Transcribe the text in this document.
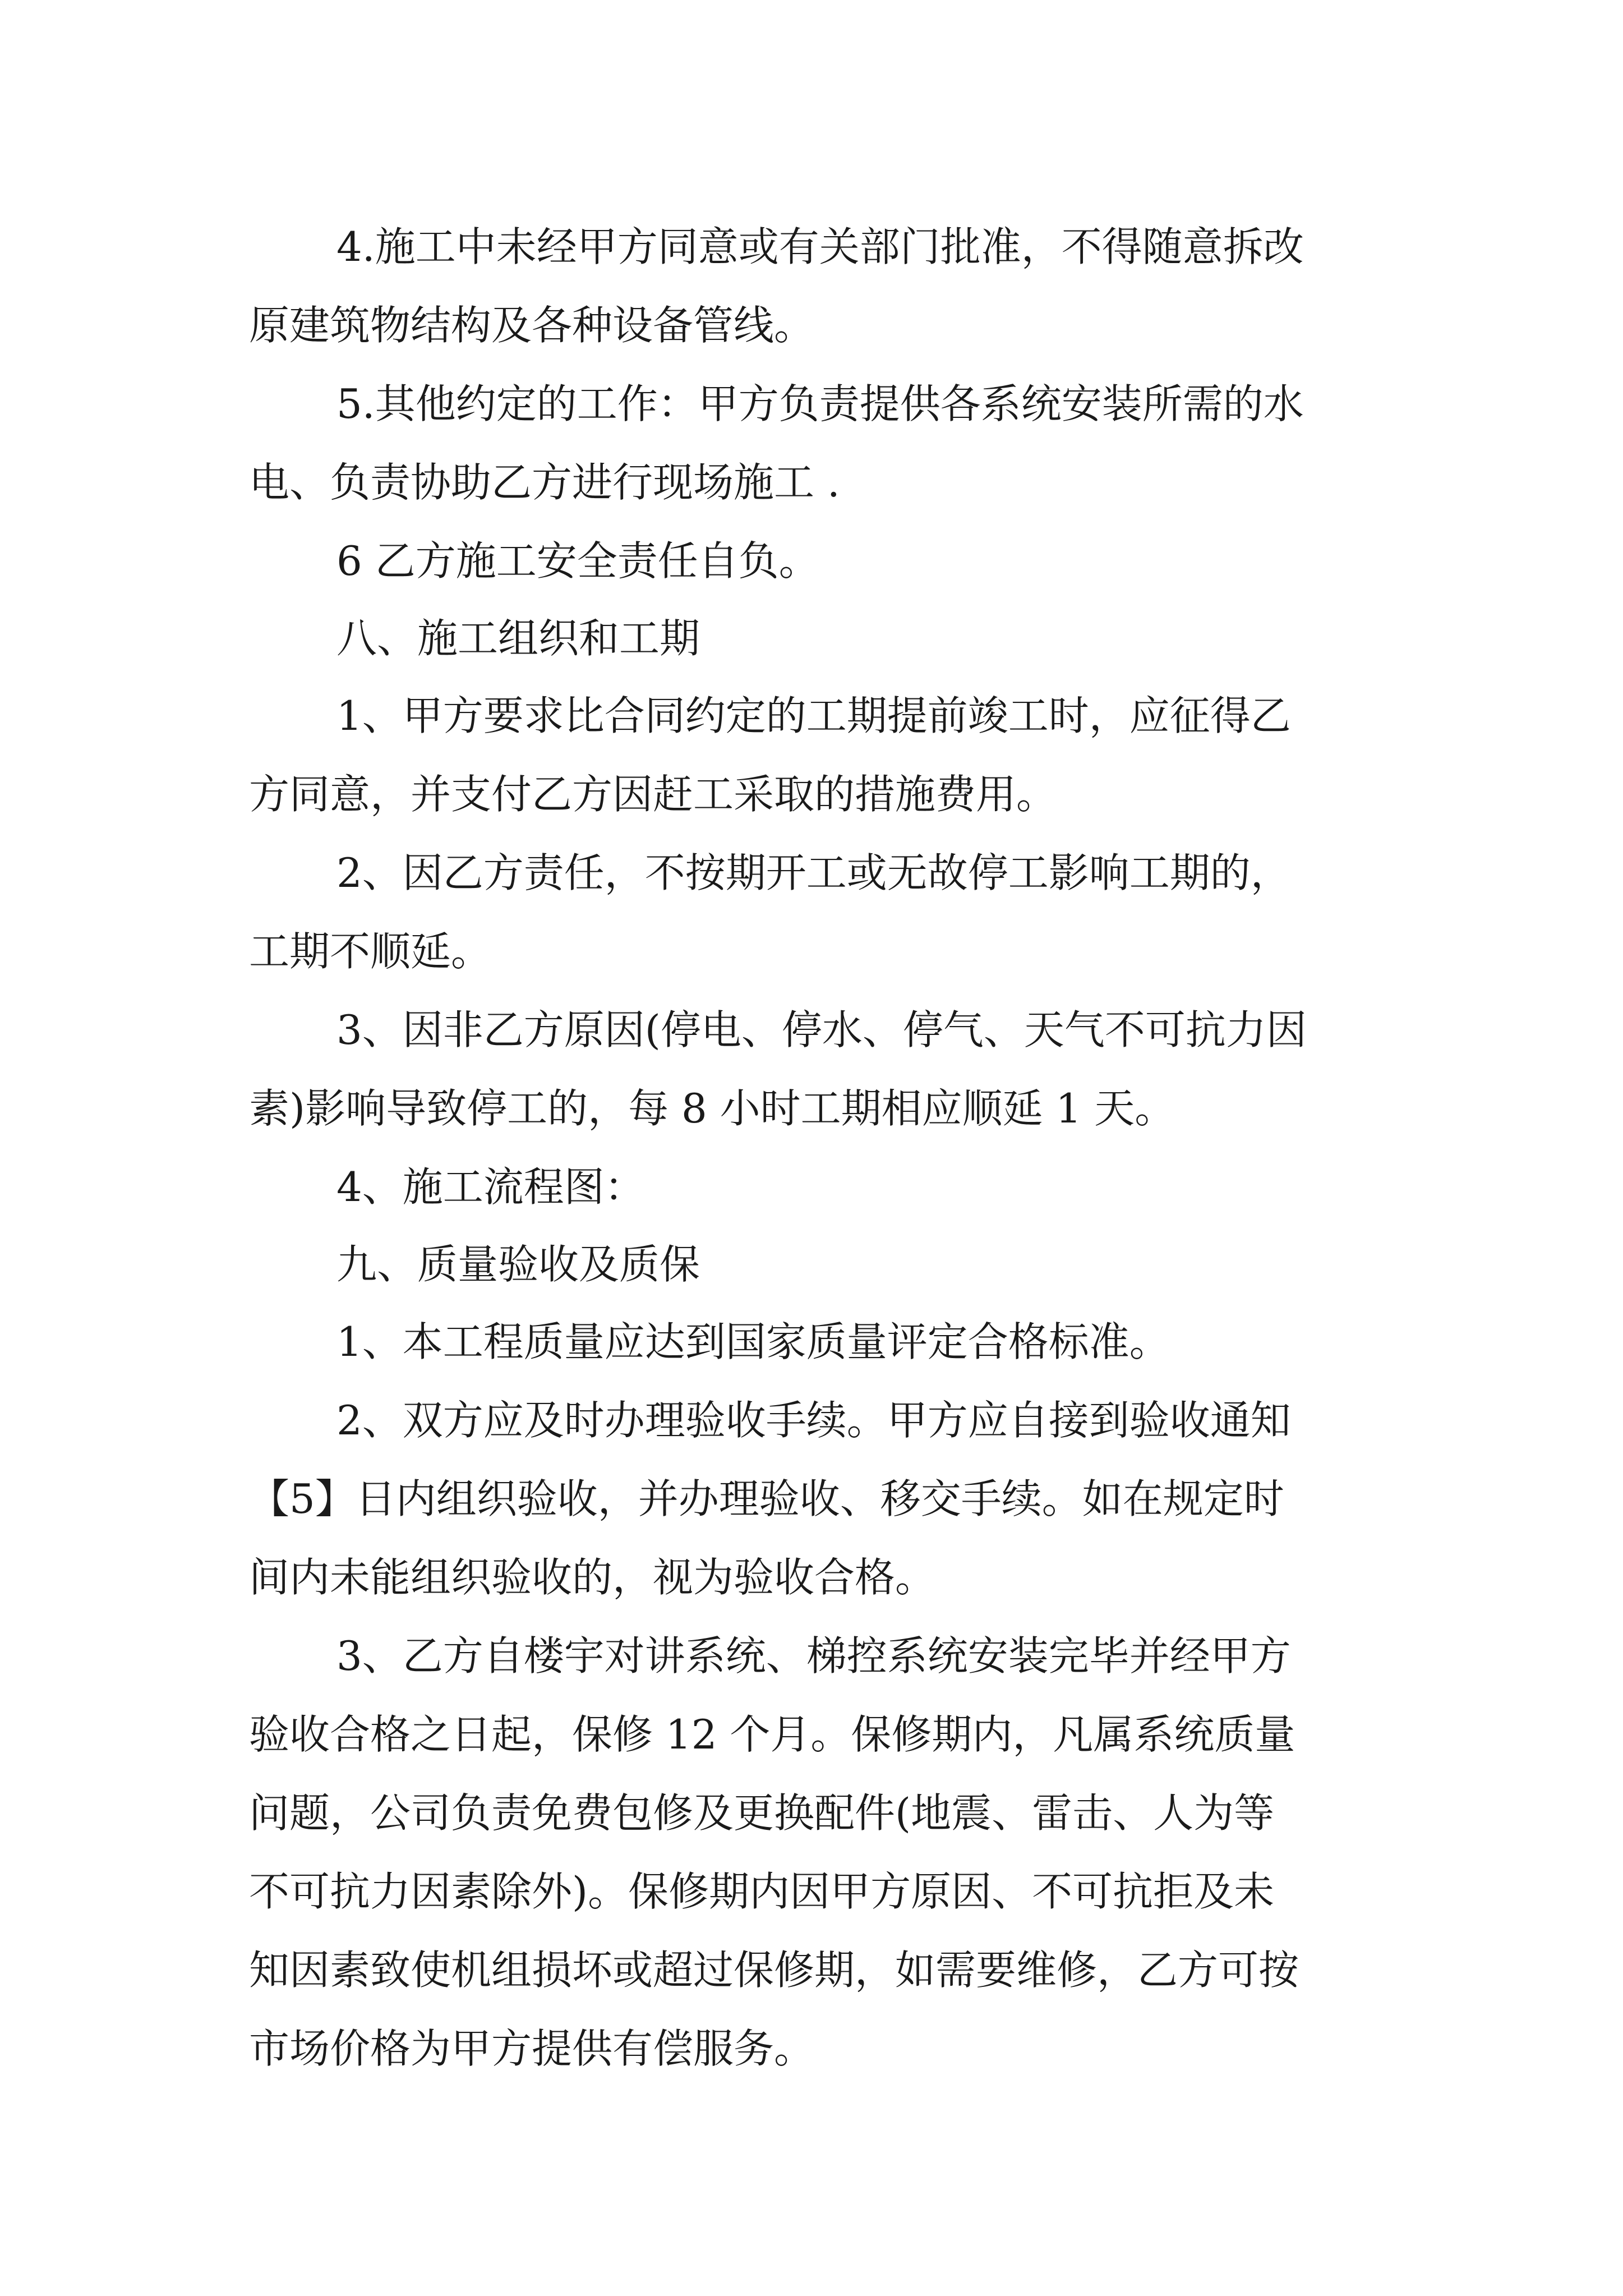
4.施工中未经甲方同意或有关部门批准，不得随意拆改

原建筑物结构及各种设备管线。

5.其他约定的工作：甲方负责提供各系统安装所需的水

电、负责协助乙方进行现场施工 .

6 乙方施工安全责任自负。

八、施工组织和工期

1、甲方要求比合同约定的工期提前竣工时，应征得乙

方同意，并支付乙方因赶工采取的措施费用。

2、因乙方责任，不按期开工或无故停工影响工期的，

工期不顺延。

3、因非乙方原因(停电、停水、停气、天气不可抗力因

素)影响导致停工的，每 8 小时工期相应顺延 1 天。

4、施工流程图：

九、质量验收及质保

1、本工程质量应达到国家质量评定合格标准。

2、双方应及时办理验收手续。甲方应自接到验收通知

【5】日内组织验收，并办理验收、移交手续。如在规定时

间内未能组织验收的，视为验收合格。

3、乙方自楼宇对讲系统、梯控系统安装完毕并经甲方

验收合格之日起，保修 12 个月。保修期内，凡属系统质量

问题，公司负责免费包修及更换配件(地震、雷击、人为等

不可抗力因素除外)。保修期内因甲方原因、不可抗拒及未

知因素致使机组损坏或超过保修期，如需要维修，乙方可按

市场价格为甲方提供有偿服务。
